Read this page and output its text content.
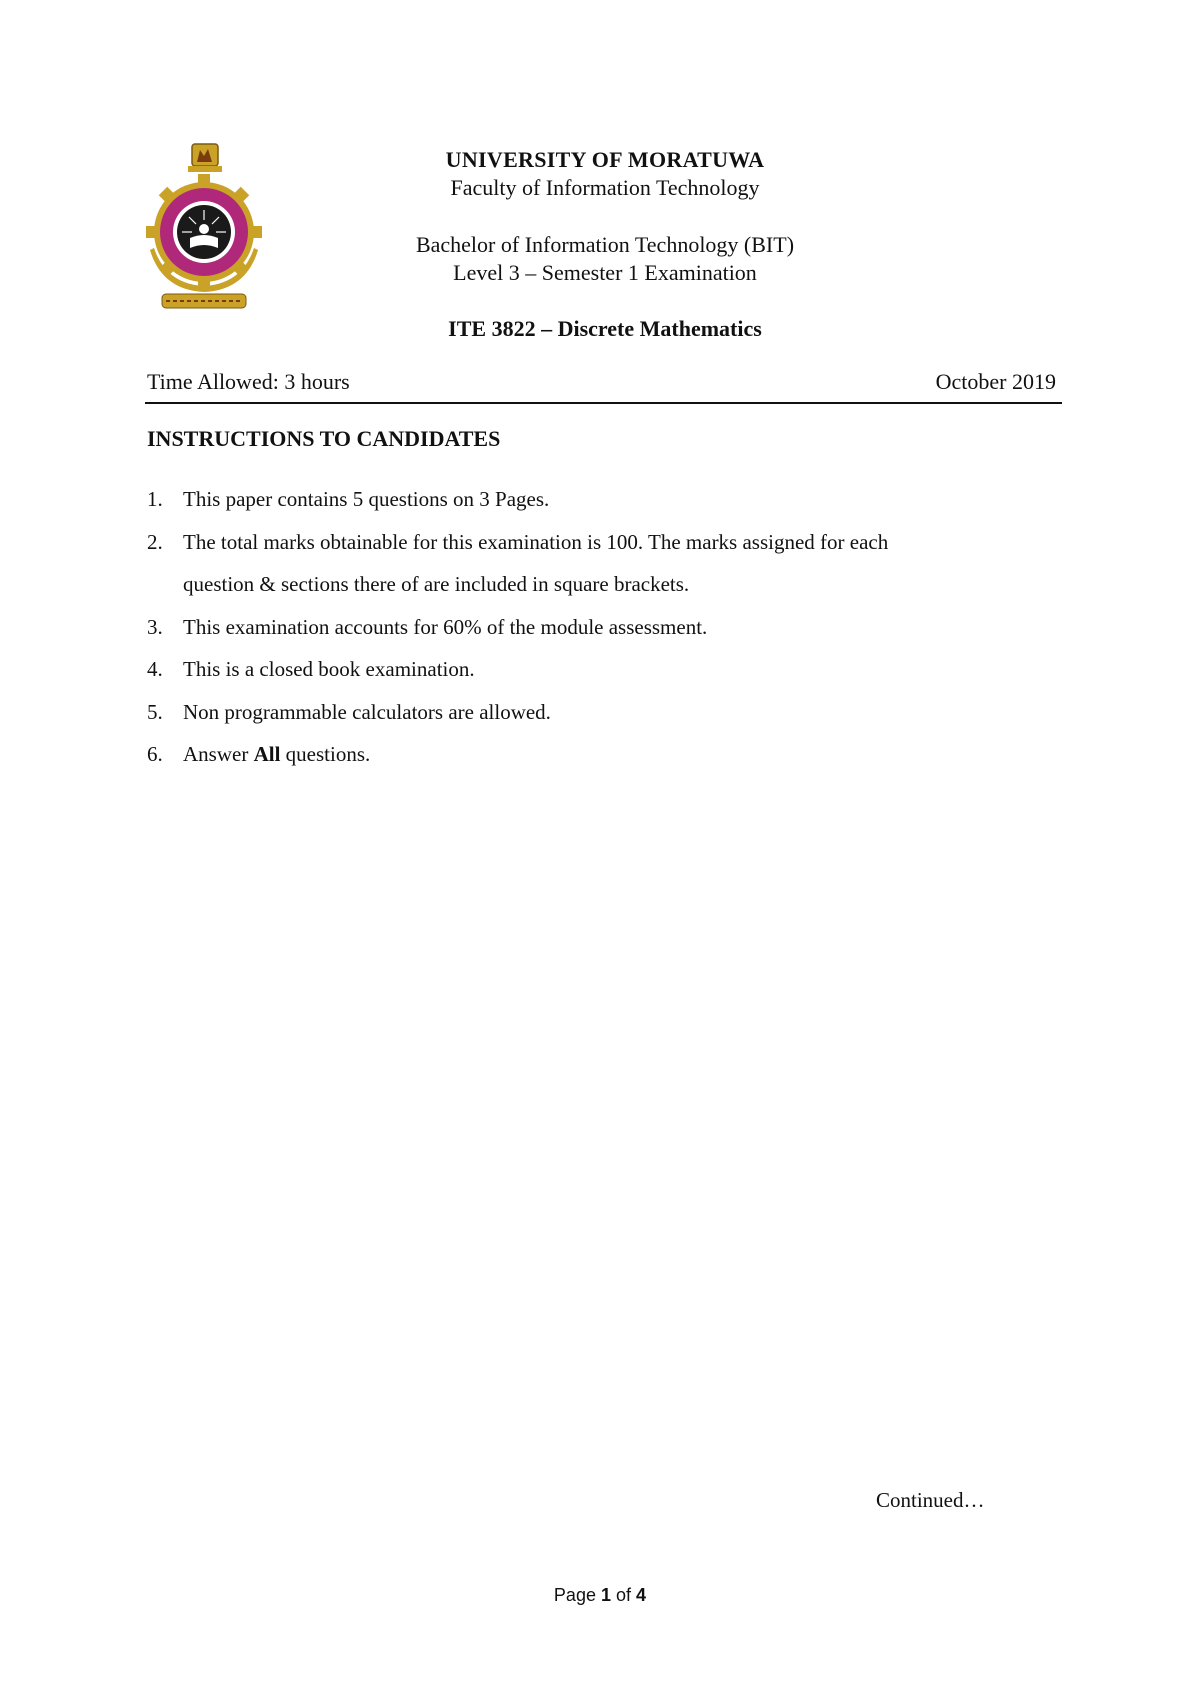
UNIVERSITY OF MORATUWA
Faculty of Information Technology
Bachelor of Information Technology (BIT)
Level 3 – Semester 1 Examination
ITE 3822 – Discrete Mathematics
Time Allowed: 3 hours	October 2019
INSTRUCTIONS TO CANDIDATES
1. This paper contains 5 questions on 3 Pages.
2. The total marks obtainable for this examination is 100. The marks assigned for each
question & sections there of are included in square brackets.
3. This examination accounts for 60% of the module assessment.
4. This is a closed book examination.
5. Non programmable calculators are allowed.
6. Answer All questions.
Continued…
Page 1 of 4
